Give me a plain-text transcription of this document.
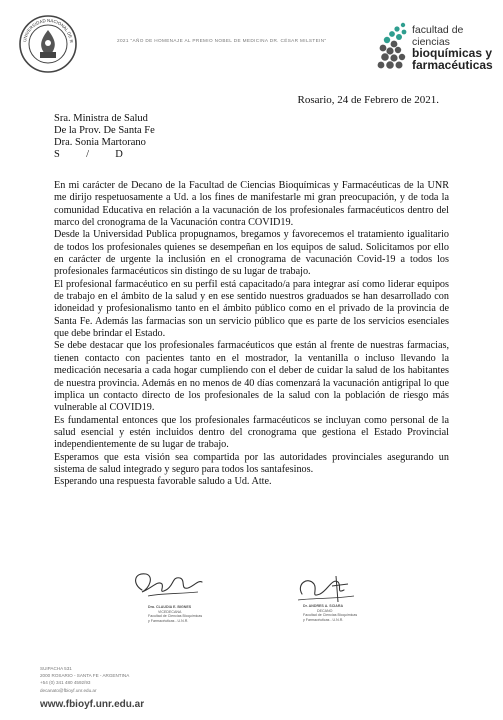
UNIVERSIDAD NACIONAL DE R	2021 "AÑO DE HOMENAJE AL PREMIO NOBEL DE MEDICINA DR. CÉSAR MILSTEIN"
facultad de
ciencias
bioquímicas y
farmacéuticas
Rosario, 24 de Febrero de 2021.
Sra. Ministra de Salud
De la Prov. De Santa Fe
Dra. Sonia Martorano
S          /          D

En mi carácter de Decano de la Facultad de Ciencias Bioquímicas y Farmacéuticas de la UNR me dirijo respetuosamente a Ud. a los fines de manifestarle mi gran preocupación, y de toda la comunidad Educativa en relación a la vacunación de los profesionales farmacéuticos dentro del marco del cronograma de la Vacunación contra COVID19.

Desde la Universidad Publica propugnamos, bregamos y favorecemos el tratamiento igualitario de todos los profesionales quienes se desempeñan en los equipos de salud. Solicitamos por ello en carácter de urgente la inclusión en el cronograma de vacunación Covid-19 a todos los profesionales farmacéuticos sin distingo de su lugar de trabajo.

El profesional farmacéutico en su perfil está capacitado/a para integrar así como liderar equipos de trabajo en el ámbito de la salud y en ese sentido nuestros graduados se han desarrollado con idoneidad y profesionalismo tanto en el ámbito público como en el privado de la provincia de Santa Fe. Además las farmacias son un servicio público que es parte de los servicios esenciales que debe brindar el Estado.

Se debe destacar que los profesionales farmacéuticos que están al frente de nuestras farmacias, tienen contacto con pacientes tanto en el mostrador, la ventanilla o incluso llevando la medicación necesaria a cada hogar cumpliendo con el deber de cuidar la salud de los habitantes de nuestra provincia. Además en no menos de 40 días comenzará la vacunación antigripal lo que implica un contacto directo de los profesionales de la salud con la población de riesgo más vulnerable al COVID19.

Es fundamental entonces que los profesionales farmacéuticos se incluyan como personal de la salud esencial y estén incluidos dentro del cronograma que gestiona el Estado Provincial independientemente de su lugar de trabajo.

Esperamos que esta visión sea compartida por las autoridades provinciales asegurando un sistema de salud integrado y seguro para todos los santafesinos.

Esperando una respuesta favorable saludo a Ud. Atte.

Dra. CLAUDIA E. BIGNES
VICEDECANA
Facultad de Ciencias Bioquímicas
y Farmacéuticas - U.N.R.
Dr. ANDRES A. SCIARA
DECANO
Facultad de Ciencias Bioquímicas
y Farmacéuticas - U.N.R.
SUIPACHA 531
2000 ROSARIO - SANTA FE - ARGENTINA
+54 (0) 341 480 4592/93
decanato@fbioyf.unr.edu.ar
www.fbioyf.unr.edu.ar
